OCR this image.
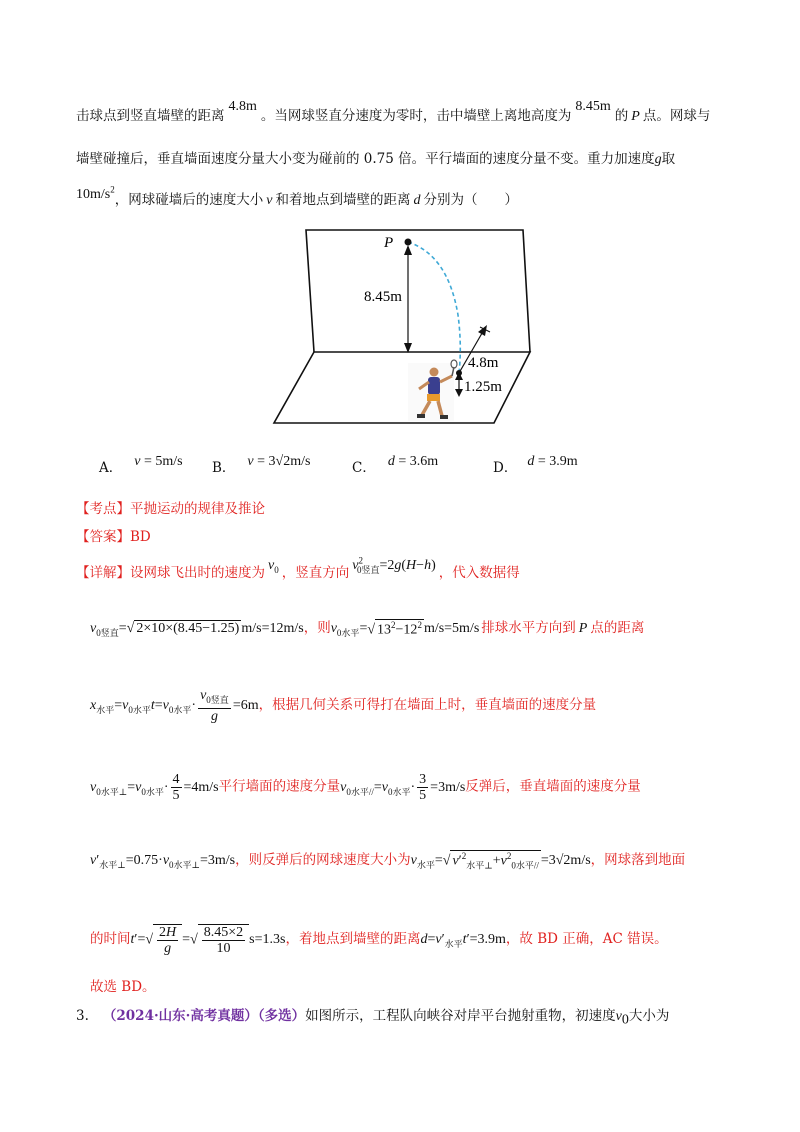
击球点到竖直墙壁的距离4.8m。当网球竖直分速度为零时，击中墙壁上离地高度为8.45m的 P 点。网球与
墙壁碰撞后，垂直墙面速度分量大小变为碰前的 0.75 倍。平行墙面的速度分量不变。重力加速度g取
$10m/s^2$，网球碰墙后的速度大小 v 和着地点到墙壁的距离 d 分别为（　　）
P
8.45m
4.8m
1.25m
A． v = 5m/s B． v = 3√2m/s	C． d = 3.6m	D． d = 3.9m
【考点】平抛运动的规律及推论
【答案】BD
【详解】设网球飞出时的速度为 $v_0$ ，竖直方向 $v^2_{0竖直}=2g(H-h)$ ，代入数据得
$v_{0竖直}=√$ 2×10×(8.45−1.25) m/s=12m/s，则$v_{0水平}=√$ $13^2-12^2$ m/s=5m/s 排球水平方向到 P 点的距离
$x_{水平}=v_{0水平}t=v_{0水平}\cdot \frac{v_{0竖直}}{g} =6m$，根据几何关系可得打在墙面上时，垂直墙面的速度分量
$v_{0水平\perp}=v_{0水平}\cdot \frac{4}{5} =4m/s$平行墙面的速度分量$v_{0水平//}=v_{0水平}\cdot \frac{3}{5} =3m/s$反弹后，垂直墙面的速度分量
$v'_{水平\perp}=0.75\cdot v_{0水平\perp}=3m/s$，则反弹后的网球速度大小为$v_{水平}=√$ $v'^2_{水平\perp}+v^2_{0水平//} =3√2m/s$，网球落到地面
的时间$t'=√ \frac{2H}{g}$ =√ $\frac{8.45\times 2}{10} s=1.3s$，着地点到墙壁的距离$d=v'_{水平}t'=3.9m$，故 BD 正确，AC 错误。
故选 BD。
3. （2024·山东·高考真题）（多选）如图所示，工程队向峡谷对岸平台抛射重物，初速度$v_0$大小为
